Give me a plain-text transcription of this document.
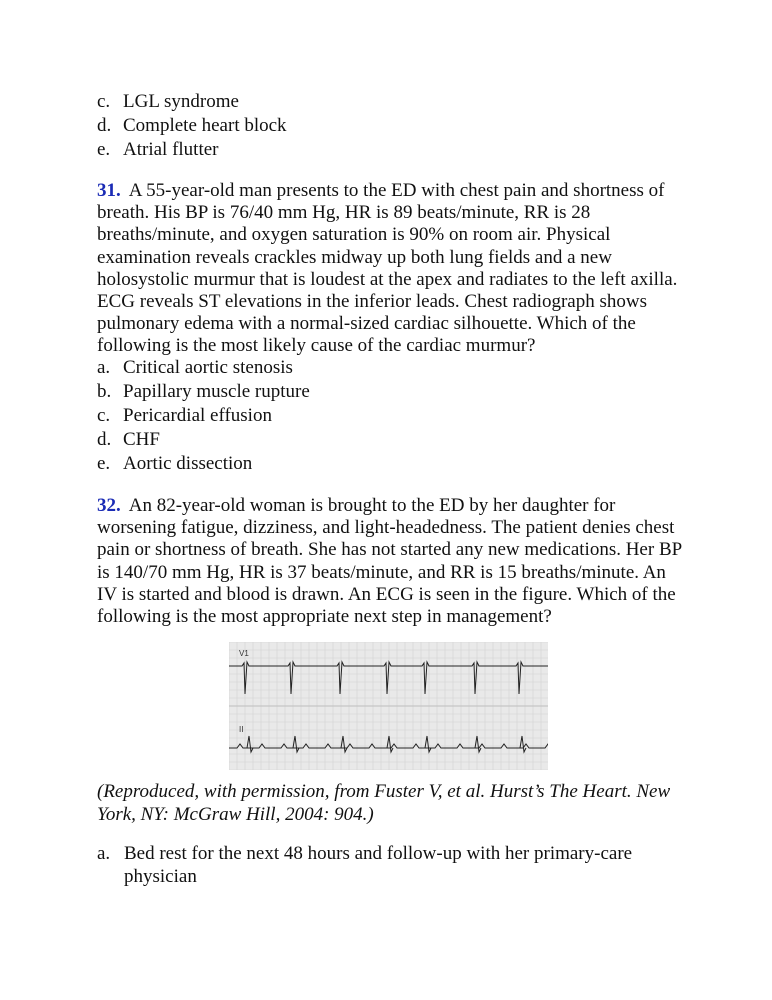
c. LGL syndrome
d. Complete heart block
e. Atrial flutter
31. A 55-year-old man presents to the ED with chest pain and shortness of breath. His BP is 76/40 mm Hg, HR is 89 beats/minute, RR is 28 breaths/minute, and oxygen saturation is 90% on room air. Physical examination reveals crackles midway up both lung fields and a new holosystolic murmur that is loudest at the apex and radiates to the left axilla. ECG reveals ST elevations in the inferior leads. Chest radiograph shows pulmonary edema with a normal-sized cardiac silhouette. Which of the following is the most likely cause of the cardiac murmur?
a. Critical aortic stenosis
b. Papillary muscle rupture
c. Pericardial effusion
d. CHF
e. Aortic dissection
32. An 82-year-old woman is brought to the ED by her daughter for worsening fatigue, dizziness, and light-headedness. The patient denies chest pain or shortness of breath. She has not started any new medications. Her BP is 140/70 mm Hg, HR is 37 beats/minute, and RR is 15 breaths/minute. An IV is started and blood is drawn. An ECG is seen in the figure. Which of the following is the most appropriate next step in management?
V1
II
(Reproduced, with permission, from Fuster V, et al. Hurst’s The Heart. New York, NY: McGraw Hill, 2004: 904.)
a. Bed rest for the next 48 hours and follow-up with her primary-care physician
